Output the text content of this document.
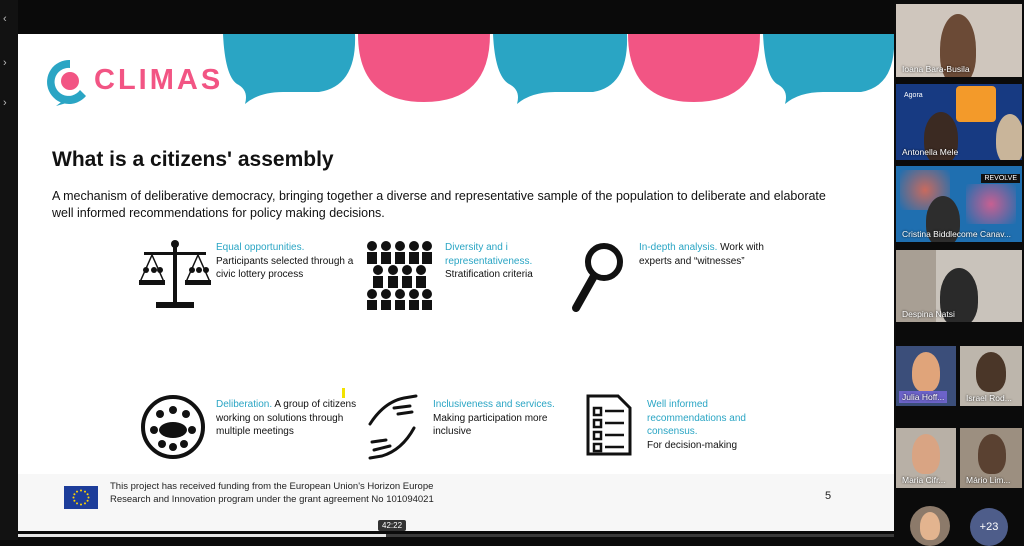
‹
›
›
CLIMAS
What is a citizens' assembly
A mechanism of deliberative democracy, bringing together a diverse and representative sample of the population to deliberate and elaborate well informed recommendations for policy making decisions.
Equal opportunities.
Participants selected through a
civic lottery process
Diversity and i
representativeness.
Stratification criteria
In-depth analysis. Work with
experts and “witnesses”
Deliberation. A group of citizens
working on solutions through
multiple meetings
Inclusiveness and services.
Making participation more
inclusive
Well informed
recommendations and
consensus.
For decision-making
This project has received funding from the European Union's Horizon Europe
Research and Innovation program under the grant agreement No 101094021	5
42:22
Ioana Bara-Busila
Agora
Antonella Mele
REVOLVE
Cristina Biddlecome Canav...
Despina Natsi
Julia Hoff...	Israel Rod...
Maria Cifr... Mário Lim...
+23
